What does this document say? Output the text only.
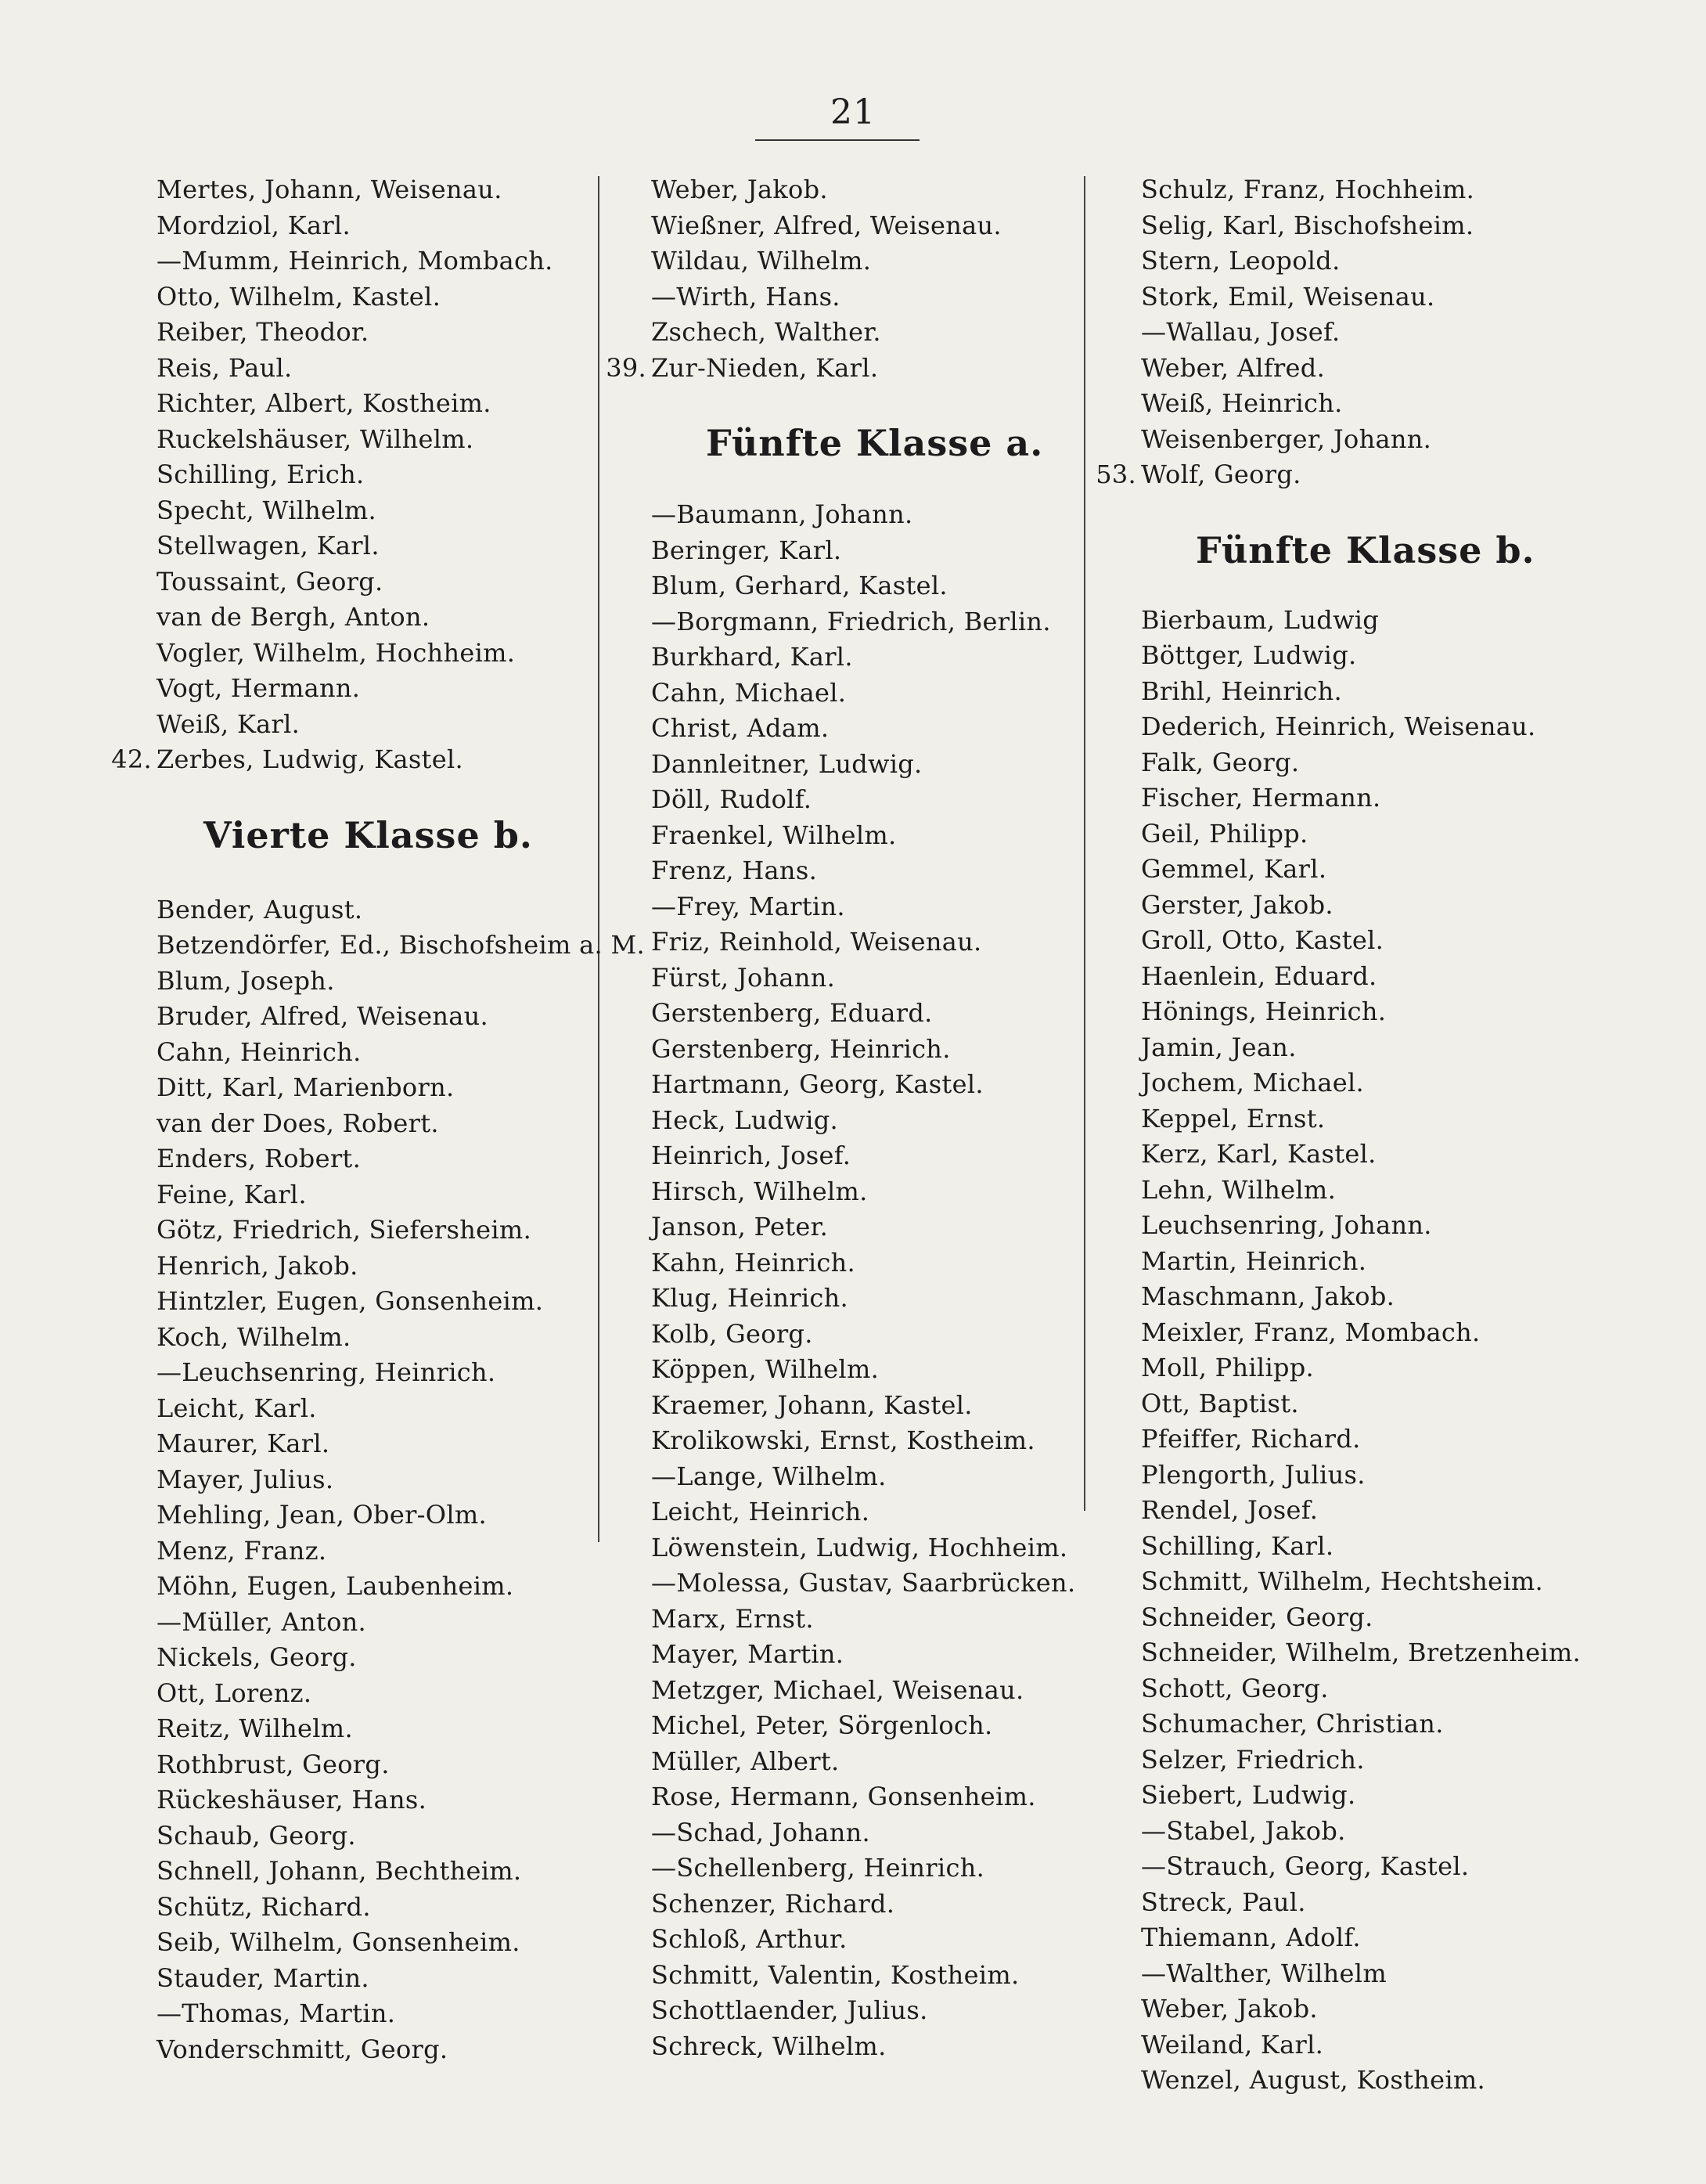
21
Mertes, Johann, Weisenau.
Mordziol, Karl.
—Mumm, Heinrich, Mombach.
Otto, Wilhelm, Kastel.
Reiber, Theodor.
Reis, Paul.
Richter, Albert, Kostheim.
Ruckelshäuser, Wilhelm.
Schilling, Erich.
Specht, Wilhelm.
Stellwagen, Karl.
Toussaint, Georg.
van de Bergh, Anton.
Vogler, Wilhelm, Hochheim.
Vogt, Hermann.
Weiß, Karl.
42. Zerbes, Ludwig, Kastel.
Vierte Klasse b.
Bender, August.
Betzendörfer, Ed., Bischofsheim a. M.
Blum, Joseph.
Bruder, Alfred, Weisenau.
Cahn, Heinrich.
Ditt, Karl, Marienborn.
van der Does, Robert.
Enders, Robert.
Feine, Karl.
Götz, Friedrich, Siefersheim.
Henrich, Jakob.
Hintzler, Eugen, Gonsenheim.
Koch, Wilhelm.
—Leuchsenring, Heinrich.
Leicht, Karl.
Maurer, Karl.
Mayer, Julius.
Mehling, Jean, Ober-Olm.
Menz, Franz.
Möhn, Eugen, Laubenheim.
—Müller, Anton.
Nickels, Georg.
Ott, Lorenz.
Reitz, Wilhelm.
Rothbrust, Georg.
Rückeshäuser, Hans.
Schaub, Georg.
Schnell, Johann, Bechtheim.
Schütz, Richard.
Seib, Wilhelm, Gonsenheim.
Stauder, Martin.
—Thomas, Martin.
Vonderschmitt, Georg.
Weber, Jakob.
Wießner, Alfred, Weisenau.
Wildau, Wilhelm.
—Wirth, Hans.
Zschech, Walther.
39. Zur-Nieden, Karl.
Fünfte Klasse a.
—Baumann, Johann.
Beringer, Karl.
Blum, Gerhard, Kastel.
—Borgmann, Friedrich, Berlin.
Burkhard, Karl.
Cahn, Michael.
Christ, Adam.
Dannleitner, Ludwig.
Döll, Rudolf.
Fraenkel, Wilhelm.
Frenz, Hans.
—Frey, Martin.
Friz, Reinhold, Weisenau.
Fürst, Johann.
Gerstenberg, Eduard.
Gerstenberg, Heinrich.
Hartmann, Georg, Kastel.
Heck, Ludwig.
Heinrich, Josef.
Hirsch, Wilhelm.
Janson, Peter.
Kahn, Heinrich.
Klug, Heinrich.
Kolb, Georg.
Köppen, Wilhelm.
Kraemer, Johann, Kastel.
Krolikowski, Ernst, Kostheim.
—Lange, Wilhelm.
Leicht, Heinrich.
Löwenstein, Ludwig, Hochheim.
—Molessa, Gustav, Saarbrücken.
Marx, Ernst.
Mayer, Martin.
Metzger, Michael, Weisenau.
Michel, Peter, Sörgenloch.
Müller, Albert.
Rose, Hermann, Gonsenheim.
—Schad, Johann.
—Schellenberg, Heinrich.
Schenzer, Richard.
Schloß, Arthur.
Schmitt, Valentin, Kostheim.
Schottlaender, Julius.
Schreck, Wilhelm.
Schulz, Franz, Hochheim.
Selig, Karl, Bischofsheim.
Stern, Leopold.
Stork, Emil, Weisenau.
—Wallau, Josef.
Weber, Alfred.
Weiß, Heinrich.
Weisenberger, Johann.
53. Wolf, Georg.
Fünfte Klasse b.
Bierbaum, Ludwig
Böttger, Ludwig.
Brihl, Heinrich.
Dederich, Heinrich, Weisenau.
Falk, Georg.
Fischer, Hermann.
Geil, Philipp.
Gemmel, Karl.
Gerster, Jakob.
Groll, Otto, Kastel.
Haenlein, Eduard.
Hönings, Heinrich.
Jamin, Jean.
Jochem, Michael.
Keppel, Ernst.
Kerz, Karl, Kastel.
Lehn, Wilhelm.
Leuchsenring, Johann.
Martin, Heinrich.
Maschmann, Jakob.
Meixler, Franz, Mombach.
Moll, Philipp.
Ott, Baptist.
Pfeiffer, Richard.
Plengorth, Julius.
Rendel, Josef.
Schilling, Karl.
Schmitt, Wilhelm, Hechtsheim.
Schneider, Georg.
Schneider, Wilhelm, Bretzenheim.
Schott, Georg.
Schumacher, Christian.
Selzer, Friedrich.
Siebert, Ludwig.
—Stabel, Jakob.
—Strauch, Georg, Kastel.
Streck, Paul.
Thiemann, Adolf.
—Walther, Wilhelm
Weber, Jakob.
Weiland, Karl.
Wenzel, August, Kostheim.
